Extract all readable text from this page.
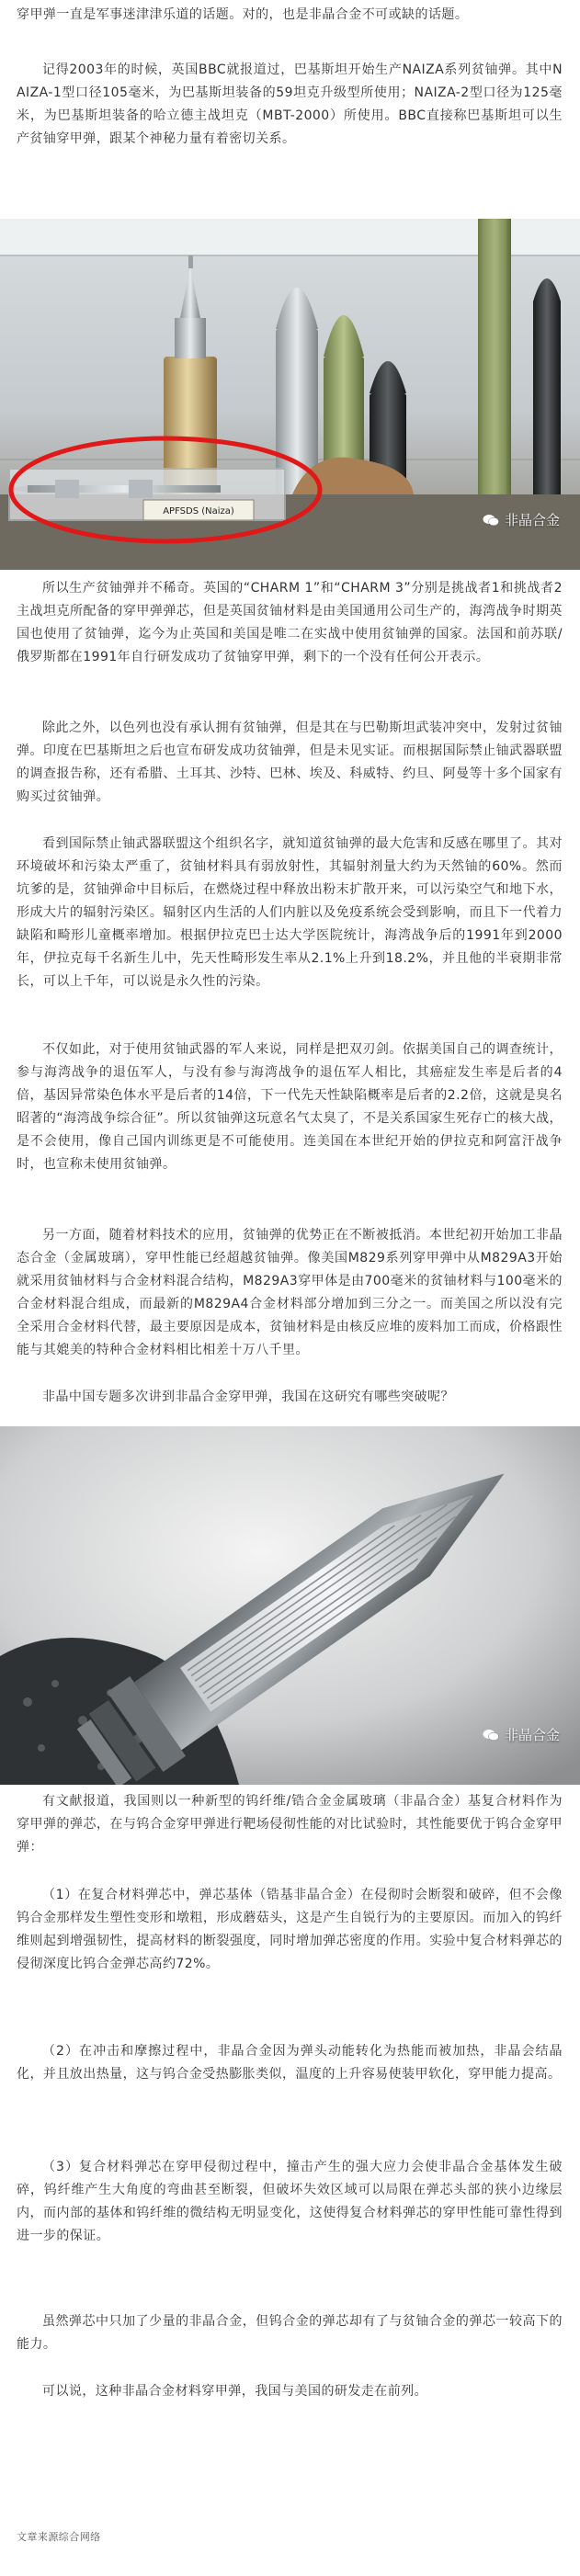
穿甲弹一直是军事迷津津乐道的话题。对的，也是非晶合金不可或缺的话题。

记得2003年的时候，英国BBC就报道过，巴基斯坦开始生产NAIZA系列贫铀弹。其中NAIZA-1型口径105毫米，为巴基斯坦装备的59坦克升级型所使用；NAIZA-2型口径为125毫米，为巴基斯坦装备的哈立德主战坦克（MBT-2000）所使用。BBC直接称巴基斯坦可以生产贫铀穿甲弹，跟某个神秘力量有着密切关系。

APFSDS (Naiza)
非晶合金

所以生产贫铀弹并不稀奇。英国的“CHARM 1”和“CHARM 3”分别是挑战者1和挑战者2主战坦克所配备的穿甲弹弹芯，但是英国贫铀材料是由美国通用公司生产的，海湾战争时期英国也使用了贫铀弹，迄今为止英国和美国是唯二在实战中使用贫铀弹的国家。法国和前苏联/俄罗斯都在1991年自行研发成功了贫铀穿甲弹，剩下的一个没有任何公开表示。

除此之外，以色列也没有承认拥有贫铀弹，但是其在与巴勒斯坦武装冲突中，发射过贫铀弹。印度在巴基斯坦之后也宣布研发成功贫铀弹，但是未见实证。而根据国际禁止铀武器联盟的调查报告称，还有希腊、土耳其、沙特、巴林、埃及、科威特、约旦、阿曼等十多个国家有购买过贫铀弹。

看到国际禁止铀武器联盟这个组织名字，就知道贫铀弹的最大危害和反感在哪里了。其对环境破坏和污染太严重了，贫铀材料具有弱放射性，其辐射剂量大约为天然铀的60%。然而坑爹的是，贫铀弹命中目标后，在燃烧过程中释放出粉末扩散开来，可以污染空气和地下水，形成大片的辐射污染区。辐射区内生活的人们内脏以及免疫系统会受到影响，而且下一代着力缺陷和畸形儿童概率增加。根据伊拉克巴士达大学医院统计，海湾战争后的1991年到2000年，伊拉克每千名新生儿中，先天性畸形发生率从2.1%上升到18.2%，并且他的半衰期非常长，可以上千年，可以说是永久性的污染。

不仅如此，对于使用贫铀武器的军人来说，同样是把双刃剑。依据美国自己的调查统计，参与海湾战争的退伍军人，与没有参与海湾战争的退伍军人相比，其癌症发生率是后者的4倍，基因异常染色体水平是后者的14倍，下一代先天性缺陷概率是后者的2.2倍，这就是臭名昭著的“海湾战争综合征”。所以贫铀弹这玩意名气太臭了，不是关系国家生死存亡的核大战，是不会使用，像自己国内训练更是不可能使用。连美国在本世纪开始的伊拉克和阿富汗战争时，也宣称未使用贫铀弹。

另一方面，随着材料技术的应用，贫铀弹的优势正在不断被抵消。本世纪初开始加工非晶态合金（金属玻璃），穿甲性能已经超越贫铀弹。像美国M829系列穿甲弹中从M829A3开始就采用贫铀材料与合金材料混合结构，M829A3穿甲体是由700毫米的贫铀材料与100毫米的合金材料混合组成，而最新的M829A4合金材料部分增加到三分之一。而美国之所以没有完全采用合金材料代替，最主要原因是成本，贫铀材料是由核反应堆的废料加工而成，价格跟性能与其媲美的特种合金材料相比相差十万八千里。

非晶中国专题多次讲到非晶合金穿甲弹，我国在这研究有哪些突破呢？

非晶合金

有文献报道，我国则以一种新型的钨纤维/锆合金金属玻璃（非晶合金）基复合材料作为穿甲弹的弹芯，在与钨合金穿甲弹进行靶场侵彻性能的对比试验时，其性能要优于钨合金穿甲弹：

（1）在复合材料弹芯中，弹芯基体（锆基非晶合金）在侵彻时会断裂和破碎，但不会像钨合金那样发生塑性变形和墩粗，形成蘑菇头，这是产生自锐行为的主要原因。而加入的钨纤维则起到增强韧性，提高材料的断裂强度，同时增加弹芯密度的作用。实验中复合材料弹芯的侵彻深度比钨合金弹芯高约72%。

（2）在冲击和摩擦过程中，非晶合金因为弹头动能转化为热能而被加热，非晶会结晶化，并且放出热量，这与钨合金受热膨胀类似，温度的上升容易使装甲软化，穿甲能力提高。

（3）复合材料弹芯在穿甲侵彻过程中，撞击产生的强大应力会使非晶合金基体发生破碎，钨纤维产生大角度的弯曲甚至断裂，但破坏失效区域可以局限在弹芯头部的狭小边缘层内，而内部的基体和钨纤维的微结构无明显变化，这使得复合材料弹芯的穿甲性能可靠性得到进一步的保证。

虽然弹芯中只加了少量的非晶合金，但钨合金的弹芯却有了与贫铀合金的弹芯一较高下的能力。

可以说，这种非晶合金材料穿甲弹，我国与美国的研发走在前列。

文章来源综合网络
